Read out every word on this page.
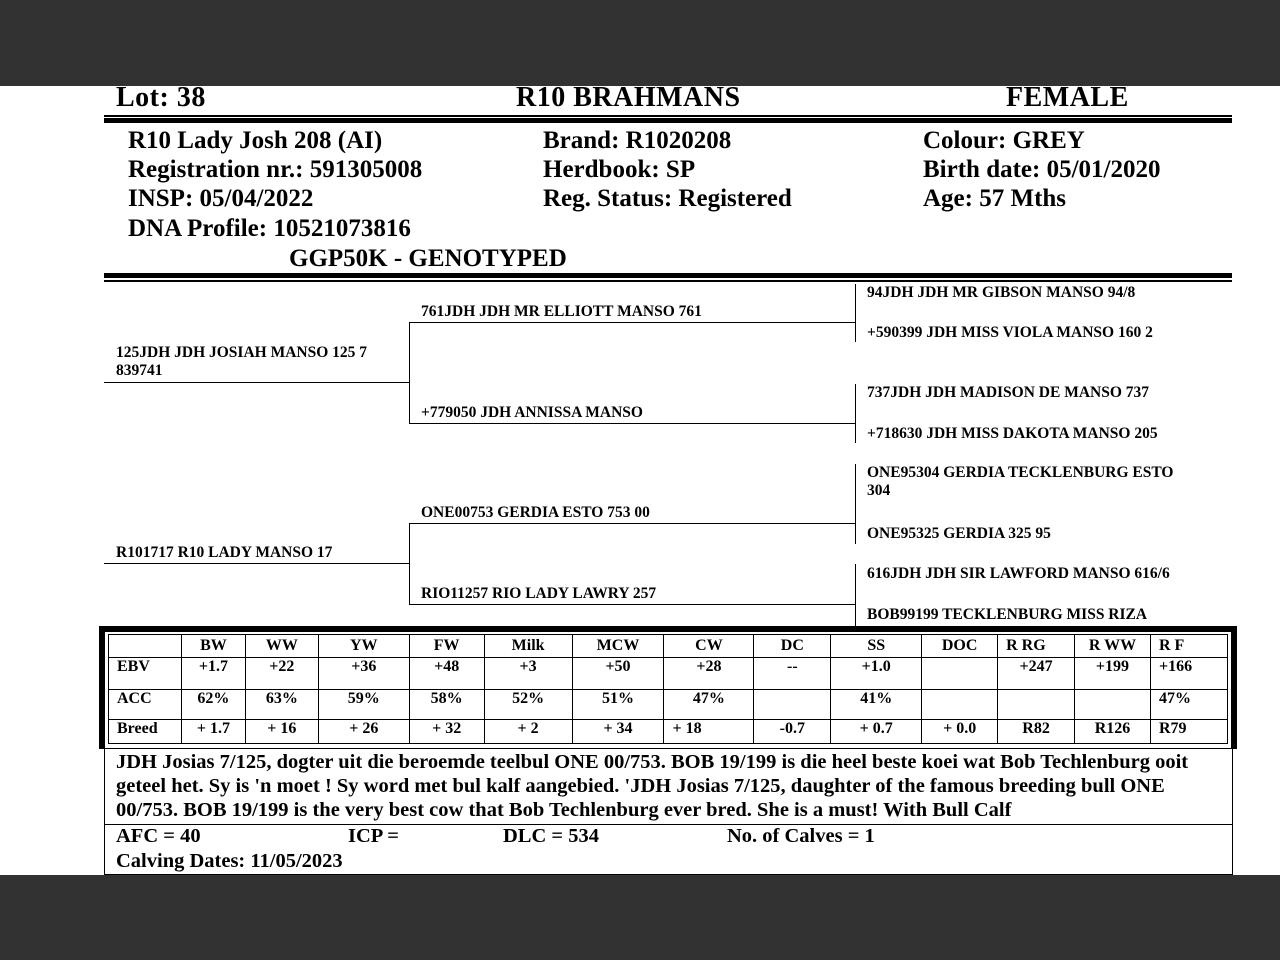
Lot: 38	R10 BRAHMANS	FEMALE
R10 Lady Josh 208 (AI)
Registration nr.: 591305008
INSP: 05/04/2022
DNA Profile: 10521073816
GGP50K - GENOTYPED
Brand: R1020208
Herdbook: SP
Reg. Status: Registered
Colour: GREY
Birth date: 05/01/2020
Age: 57 Mths
125JDH JDH JOSIAH MANSO 125 7
839741
R101717 R10 LADY MANSO 17
761JDH JDH MR ELLIOTT MANSO 761
+779050 JDH ANNISSA MANSO
ONE00753 GERDIA ESTO 753 00
RIO11257 RIO LADY LAWRY 257
94JDH JDH MR GIBSON MANSO 94/8
+590399 JDH MISS VIOLA MANSO 160 2
737JDH JDH MADISON DE MANSO 737
+718630 JDH MISS DAKOTA MANSO 205
ONE95304 GERDIA TECKLENBURG ESTO
304
ONE95325 GERDIA 325 95
616JDH JDH SIR LAWFORD MANSO 616/6
BOB99199 TECKLENBURG MISS RIZA
	BW	WW	YW	FW	Milk	MCW	CW	DC	SS	DOC	R RG	R WW	R F
EBV	+1.7	+22	+36	+48	+3	+50	+28	--	+1.0		+247	+199	+166
ACC	62%	63%	59%	58%	52%	51%	47%		41%				47%
Breed	+ 1.7	+ 16	+ 26	+ 32	+ 2	+ 34	+ 18	-0.7	+ 0.7	+ 0.0	R82	R126	R79
JDH Josias 7/125, dogter uit die beroemde teelbul ONE 00/753. BOB 19/199 is die heel beste koei wat Bob Techlenburg ooit geteel het. Sy is 'n moet ! Sy word met bul kalf aangebied. 'JDH Josias 7/125, daughter of the famous breeding bull ONE 00/753. BOB 19/199 is the very best cow that Bob Techlenburg ever bred. She is a must! With Bull Calf
AFC = 40	ICP =	DLC = 534	No. of Calves = 1
Calving Dates: 11/05/2023
